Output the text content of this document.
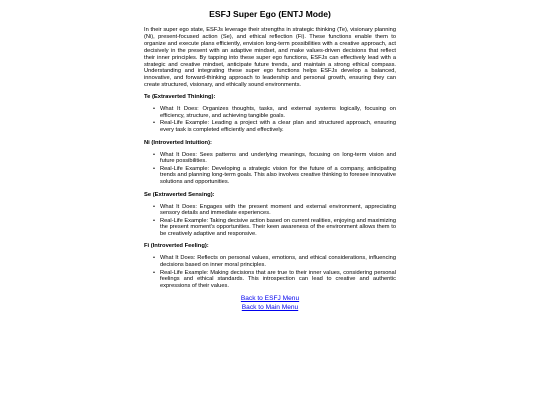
ESFJ Super Ego (ENTJ Mode)

In their super ego state, ESFJs leverage their strengths in strategic thinking (Te), visionary planning (Ni), present-focused action (Se), and ethical reflection (Fi). These functions enable them to organize and execute plans efficiently, envision long-term possibilities with a creative approach, act decisively in the present with an adaptive mindset, and make values-driven decisions that reflect their inner principles. By tapping into these super ego functions, ESFJs can effectively lead with a strategic and creative mindset, anticipate future trends, and maintain a strong ethical compass. Understanding and integrating these super ego functions helps ESFJs develop a balanced, innovative, and forward-thinking approach to leadership and personal growth, ensuring they can create structured, visionary, and ethically sound environments.

Te (Extraverted Thinking):
• What It Does: Organizes thoughts, tasks, and external systems logically, focusing on efficiency, structure, and achieving tangible goals.
• Real-Life Example: Leading a project with a clear plan and structured approach, ensuring every task is completed efficiently and effectively.
Ni (Introverted Intuition):
• What It Does: Sees patterns and underlying meanings, focusing on long-term vision and future possibilities.
• Real-Life Example: Developing a strategic vision for the future of a company, anticipating trends and planning long-term goals. This also involves creative thinking to foresee innovative solutions and opportunities.
Se (Extraverted Sensing):
• What It Does: Engages with the present moment and external environment, appreciating sensory details and immediate experiences.
• Real-Life Example: Taking decisive action based on current realities, enjoying and maximizing the present moment's opportunities. Their keen awareness of the environment allows them to be creatively adaptive and responsive.
Fi (Introverted Feeling):
• What It Does: Reflects on personal values, emotions, and ethical considerations, influencing decisions based on inner moral principles.
• Real-Life Example: Making decisions that are true to their inner values, considering personal feelings and ethical standards. This introspection can lead to creative and authentic expressions of their values.
Back to ESFJ Menu
Back to Main Menu
